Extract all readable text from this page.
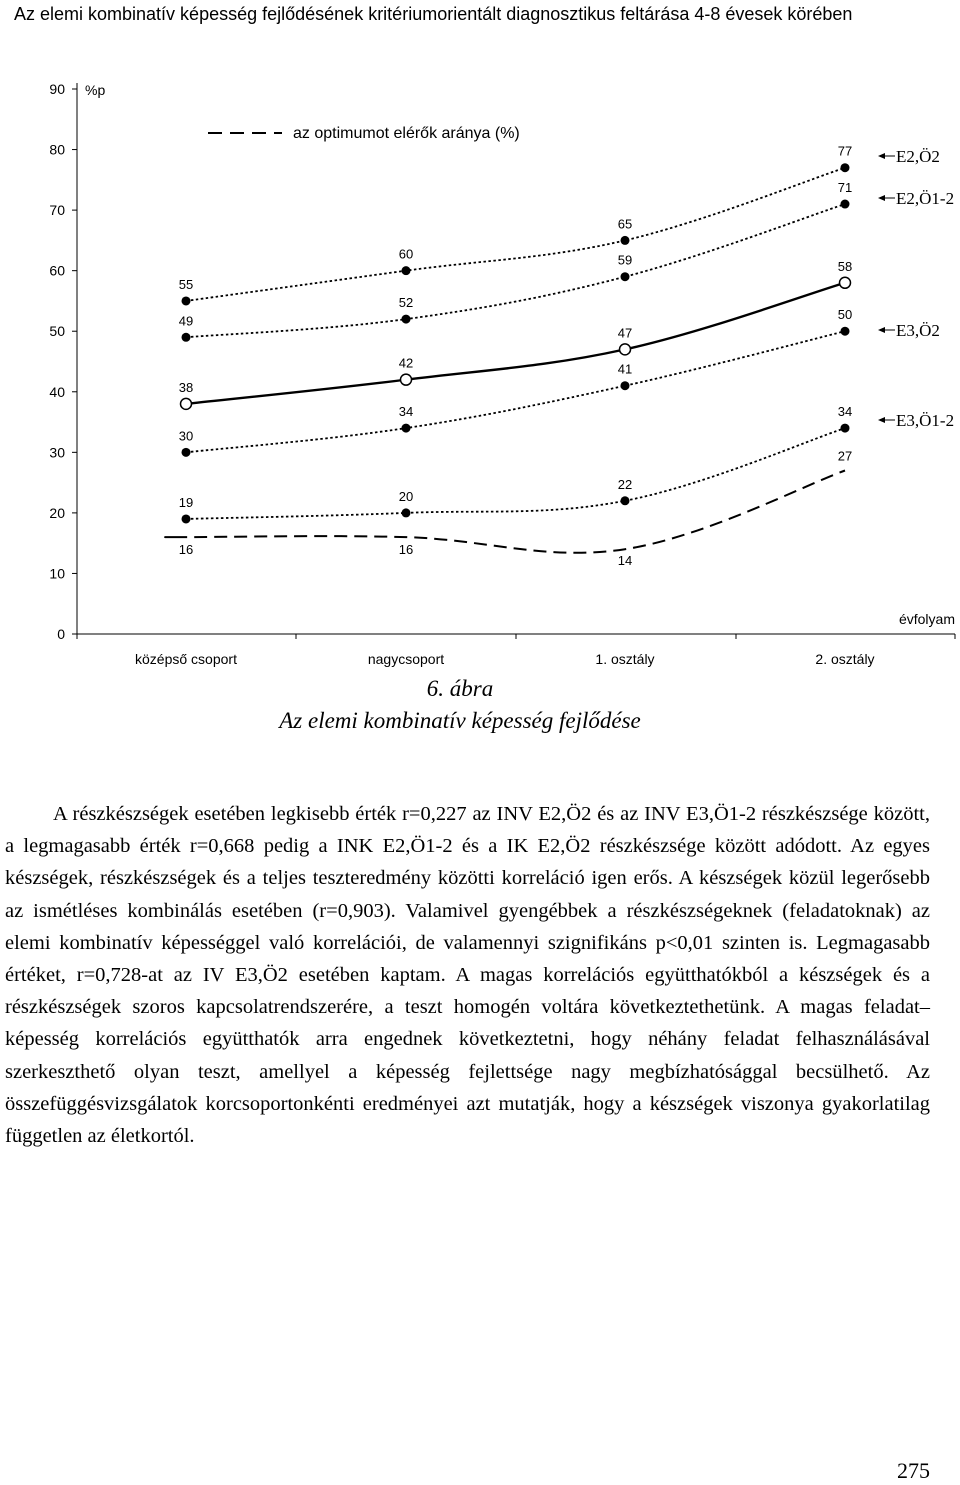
Az elemi kombinatív képesség fejlődésének kritériumorientált diagnosztikus feltárása 4-8 évesek körében
0
10
20
30
40
50
60
70
80
90 %p
középső csoport	nagycsoport	1. osztály	2. osztály
évfolyam
az optimumot elérők aránya (%)
55
60
65
77	E2,Ö2
49
52
59
71
E2,Ö1-2
38
42
47
58
30
34
41
50
E3,Ö2
19	20
22
34	E3,Ö1-2
16	16
14
27
6. ábra
Az elemi kombinatív képesség fejlődése

A részkészségek esetében legkisebb érték r=0,227 az INV E2,Ö2 és az INV E3,Ö1-2 részkészsége között, a legmagasabb érték r=0,668 pedig a INK E2,Ö1-2 és a IK E2,Ö2 részkészsége között adódott. Az egyes készségek, részkészségek és a teljes teszteredmény közötti korreláció igen erős. A készségek közül legerősebb az ismétléses kombinálás esetében (r=0,903). Valamivel gyengébbek a részkészségeknek (feladatoknak) az elemi kombinatív képességgel való korrelációi, de valamennyi szignifikáns p<0,01 szinten is. Legmagasabb értéket, r=0,728-at az IV E3,Ö2 esetében kaptam. A magas korrelációs együtthatókból a készségek és a részkészségek szoros kapcsolatrendszerére, a teszt homogén voltára következtethetünk. A magas feladat–képesség korrelációs együtthatók arra engednek következtetni, hogy néhány feladat felhasználásával szerkeszthető olyan teszt, amellyel a képesség fejlettsége nagy megbízhatósággal becsülhető. Az összefüggésvizsgálatok korcsoportonkénti eredményei azt mutatják, hogy a készségek viszonya gyakorlatilag független az életkortól.

275
